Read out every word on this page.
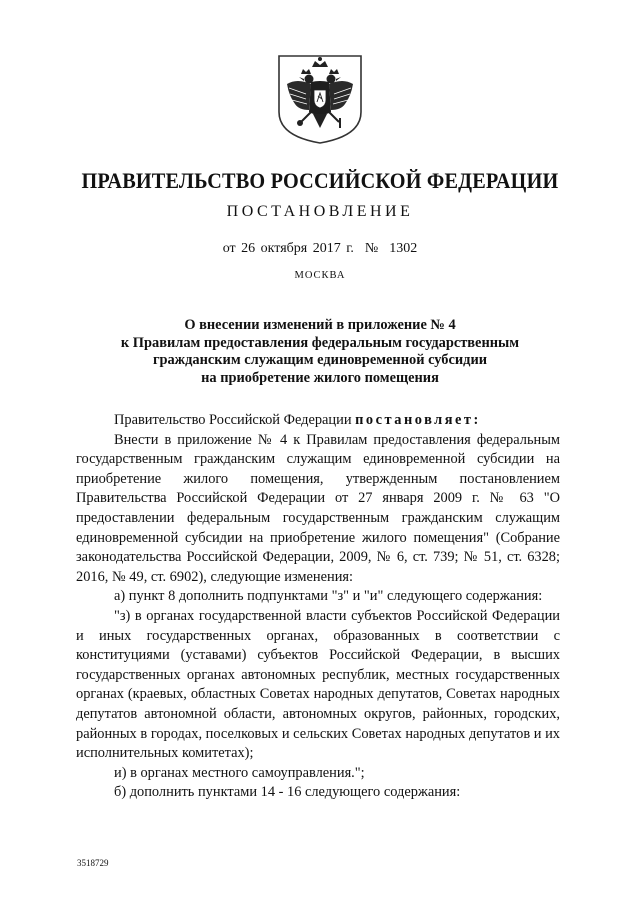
ПРАВИТЕЛЬСТВО РОССИЙСКОЙ ФЕДЕРАЦИИ
ПОСТАНОВЛЕНИЕ
от 26 октября 2017 г.  №  1302
МОСКВА
О внесении изменений в приложение № 4
к Правилам предоставления федеральным государственным
гражданским служащим единовременной субсидии
на приобретение жилого помещения

Правительство Российской Федерации постановляет:

Внести в приложение № 4 к Правилам предоставления федеральным государственным гражданским служащим единовременной субсидии на приобретение жилого помещения, утвержденным постановлением Правительства Российской Федерации от 27 января 2009 г. № 63 "О предоставлении федеральным государственным гражданским служащим единовременной субсидии на приобретение жилого помещения" (Собрание законодательства Российской Федерации, 2009, № 6, ст. 739; № 51, ст. 6328; 2016, № 49, ст. 6902), следующие изменения:

а) пункт 8 дополнить подпунктами "з" и "и" следующего содержания:

"з) в органах государственной власти субъектов Российской Федерации и иных государственных органах, образованных в соответствии с конституциями (уставами) субъектов Российской Федерации, в высших государственных органах автономных республик, местных государственных органах (краевых, областных Советах народных депутатов, Советах народных депутатов автономной области, автономных округов, районных, городских, районных в городах, поселковых и сельских Советах народных депутатов и их исполнительных комитетах);

и) в органах местного самоуправления.";

б) дополнить пунктами 14 - 16 следующего содержания:

3518729
